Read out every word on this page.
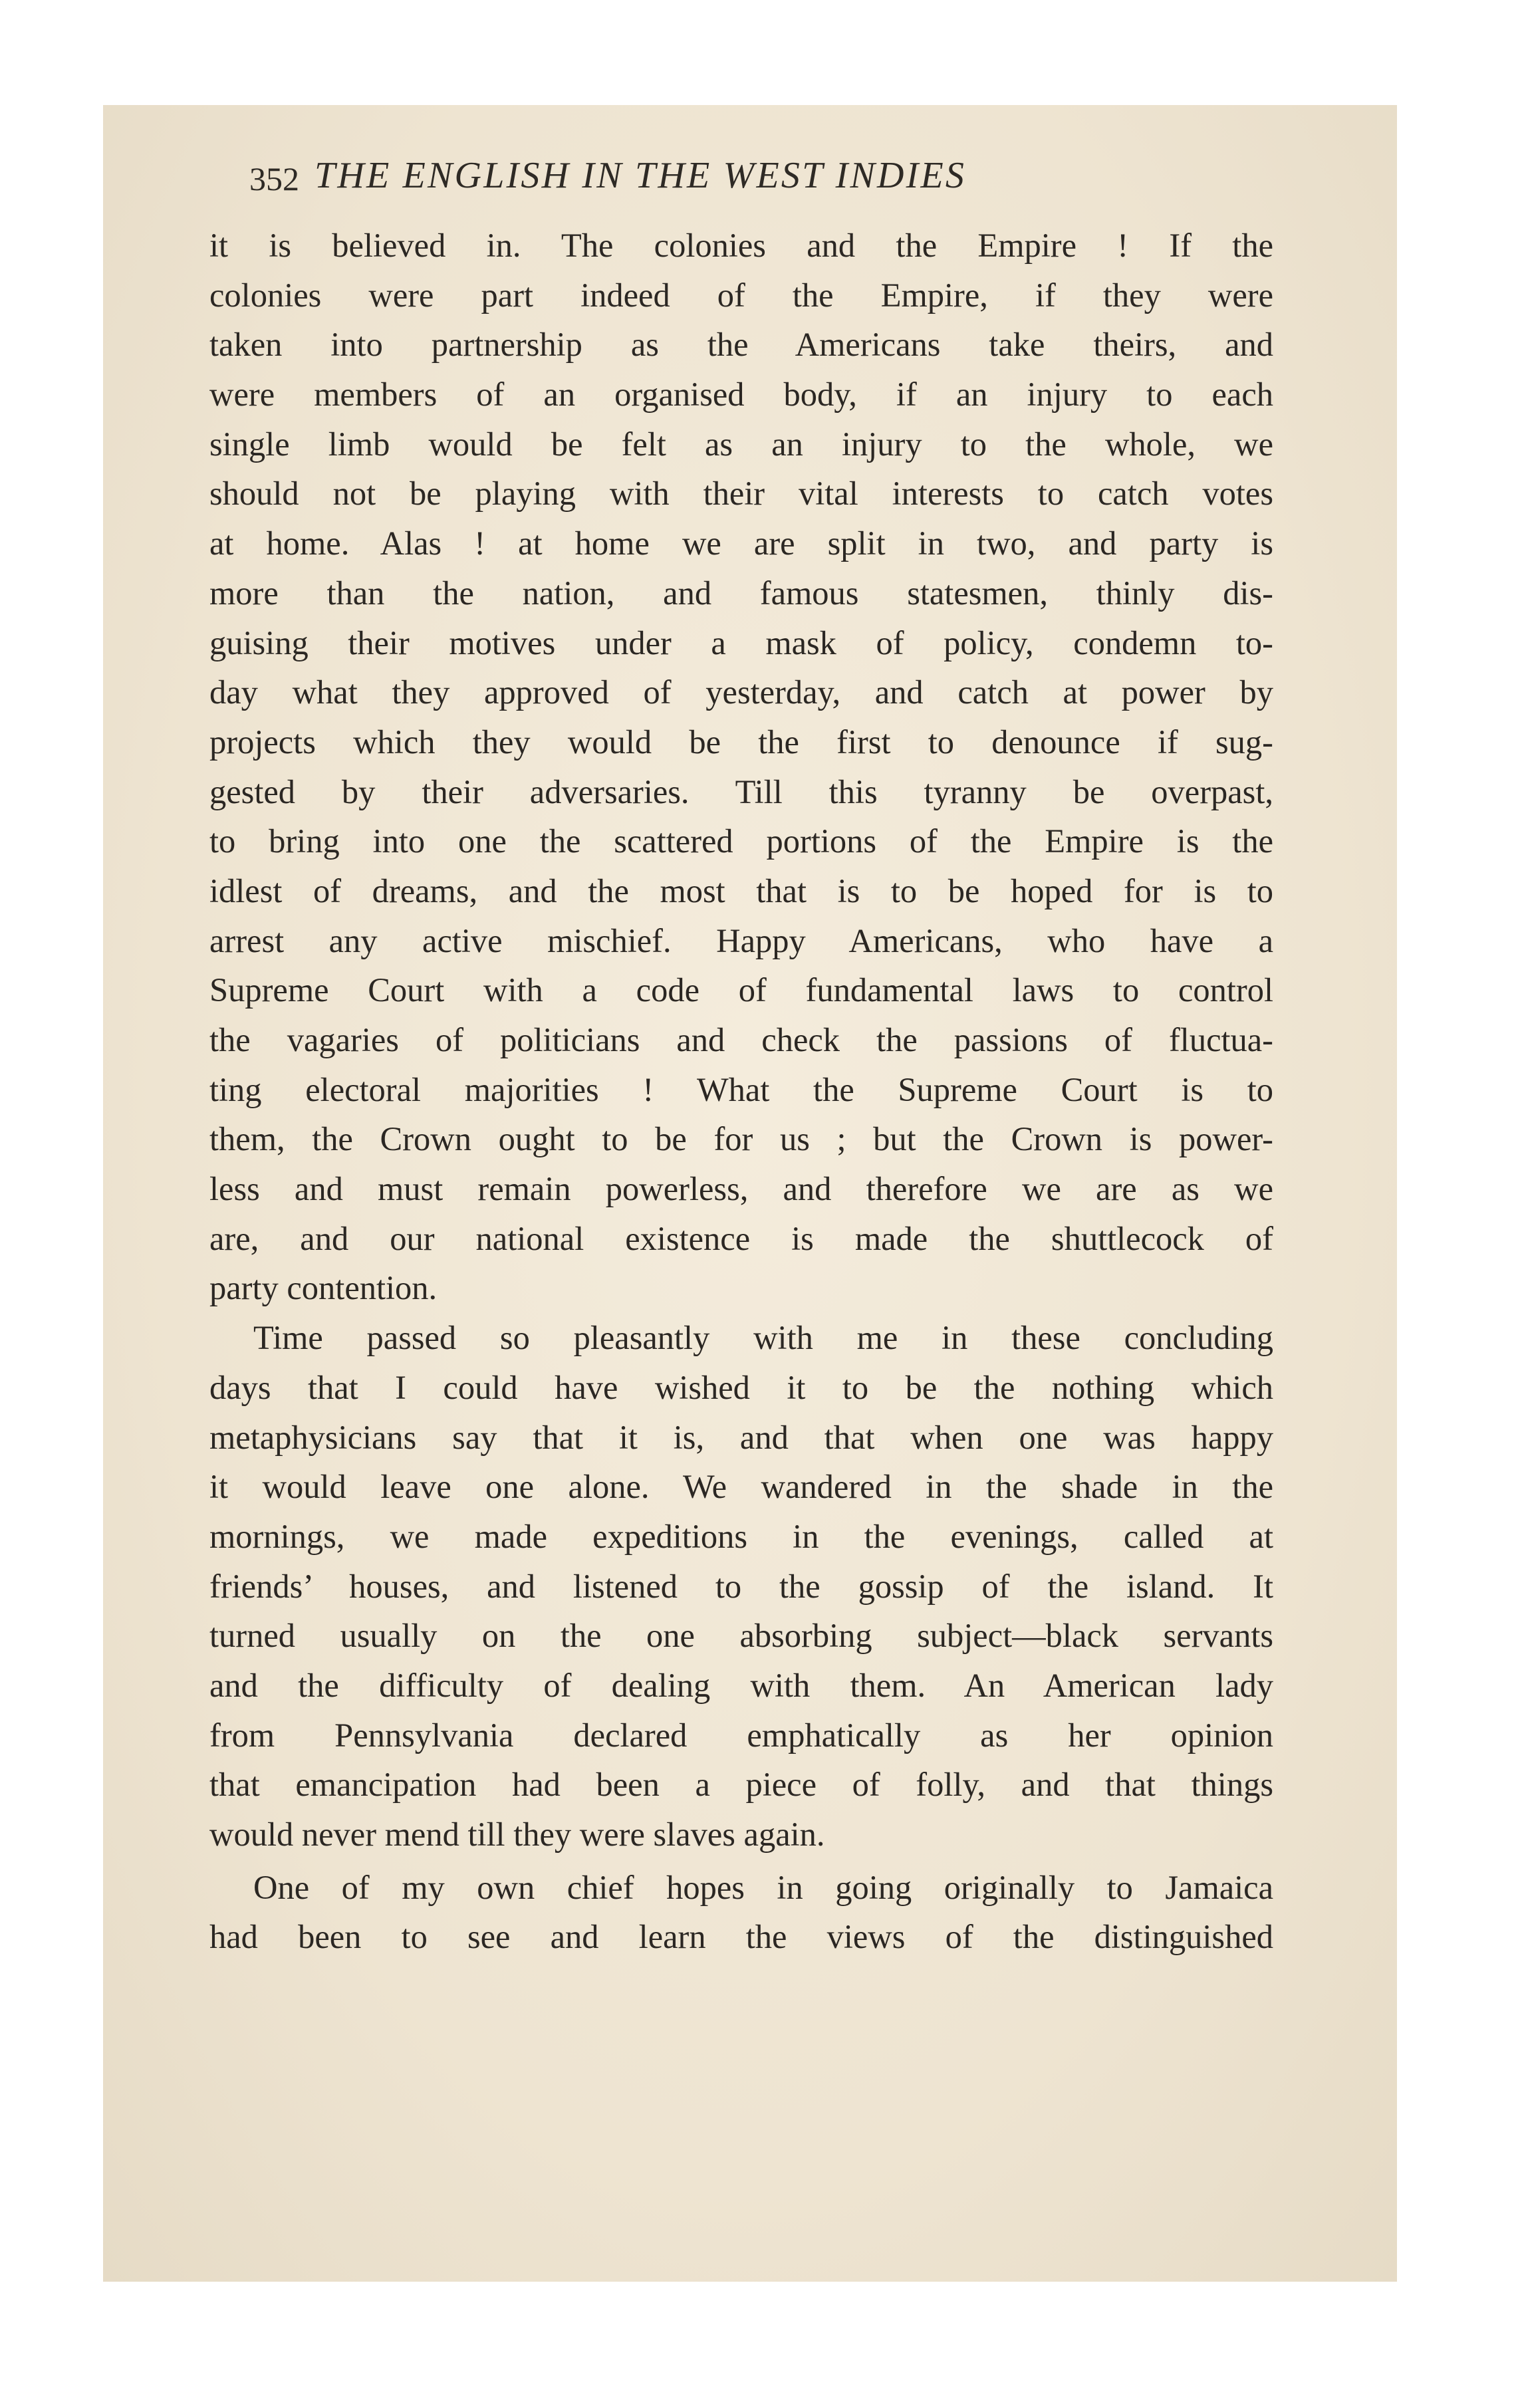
352 THE ENGLISH IN THE WEST INDIES
it is believed in. The colonies and the Empire ! If the
colonies were part indeed of the Empire, if they were
taken into partnership as the Americans take theirs, and
were members of an organised body, if an injury to each
single limb would be felt as an injury to the whole, we
should not be playing with their vital interests to catch votes
at home. Alas ! at home we are split in two, and party is
more than the nation, and famous statesmen, thinly dis-
guising their motives under a mask of policy, condemn to-
day what they approved of yesterday, and catch at power by
projects which they would be the first to denounce if sug-
gested by their adversaries. Till this tyranny be overpast,
to bring into one the scattered portions of the Empire is the
idlest of dreams, and the most that is to be hoped for is to
arrest any active mischief. Happy Americans, who have a
Supreme Court with a code of fundamental laws to control
the vagaries of politicians and check the passions of fluctua-
ting electoral majorities ! What the Supreme Court is to
them, the Crown ought to be for us ; but the Crown is power-
less and must remain powerless, and therefore we are as we
are, and our national existence is made the shuttlecock of
party contention.
Time passed so pleasantly with me in these concluding
days that I could have wished it to be the nothing which
metaphysicians say that it is, and that when one was happy
it would leave one alone. We wandered in the shade in the
mornings, we made expeditions in the evenings, called at
friends’ houses, and listened to the gossip of the island. It
turned usually on the one absorbing subject—black servants
and the difficulty of dealing with them. An American lady
from Pennsylvania declared emphatically as her opinion
that emancipation had been a piece of folly, and that things
would never mend till they were slaves again.
One of my own chief hopes in going originally to Jamaica
had been to see and learn the views of the distinguished
